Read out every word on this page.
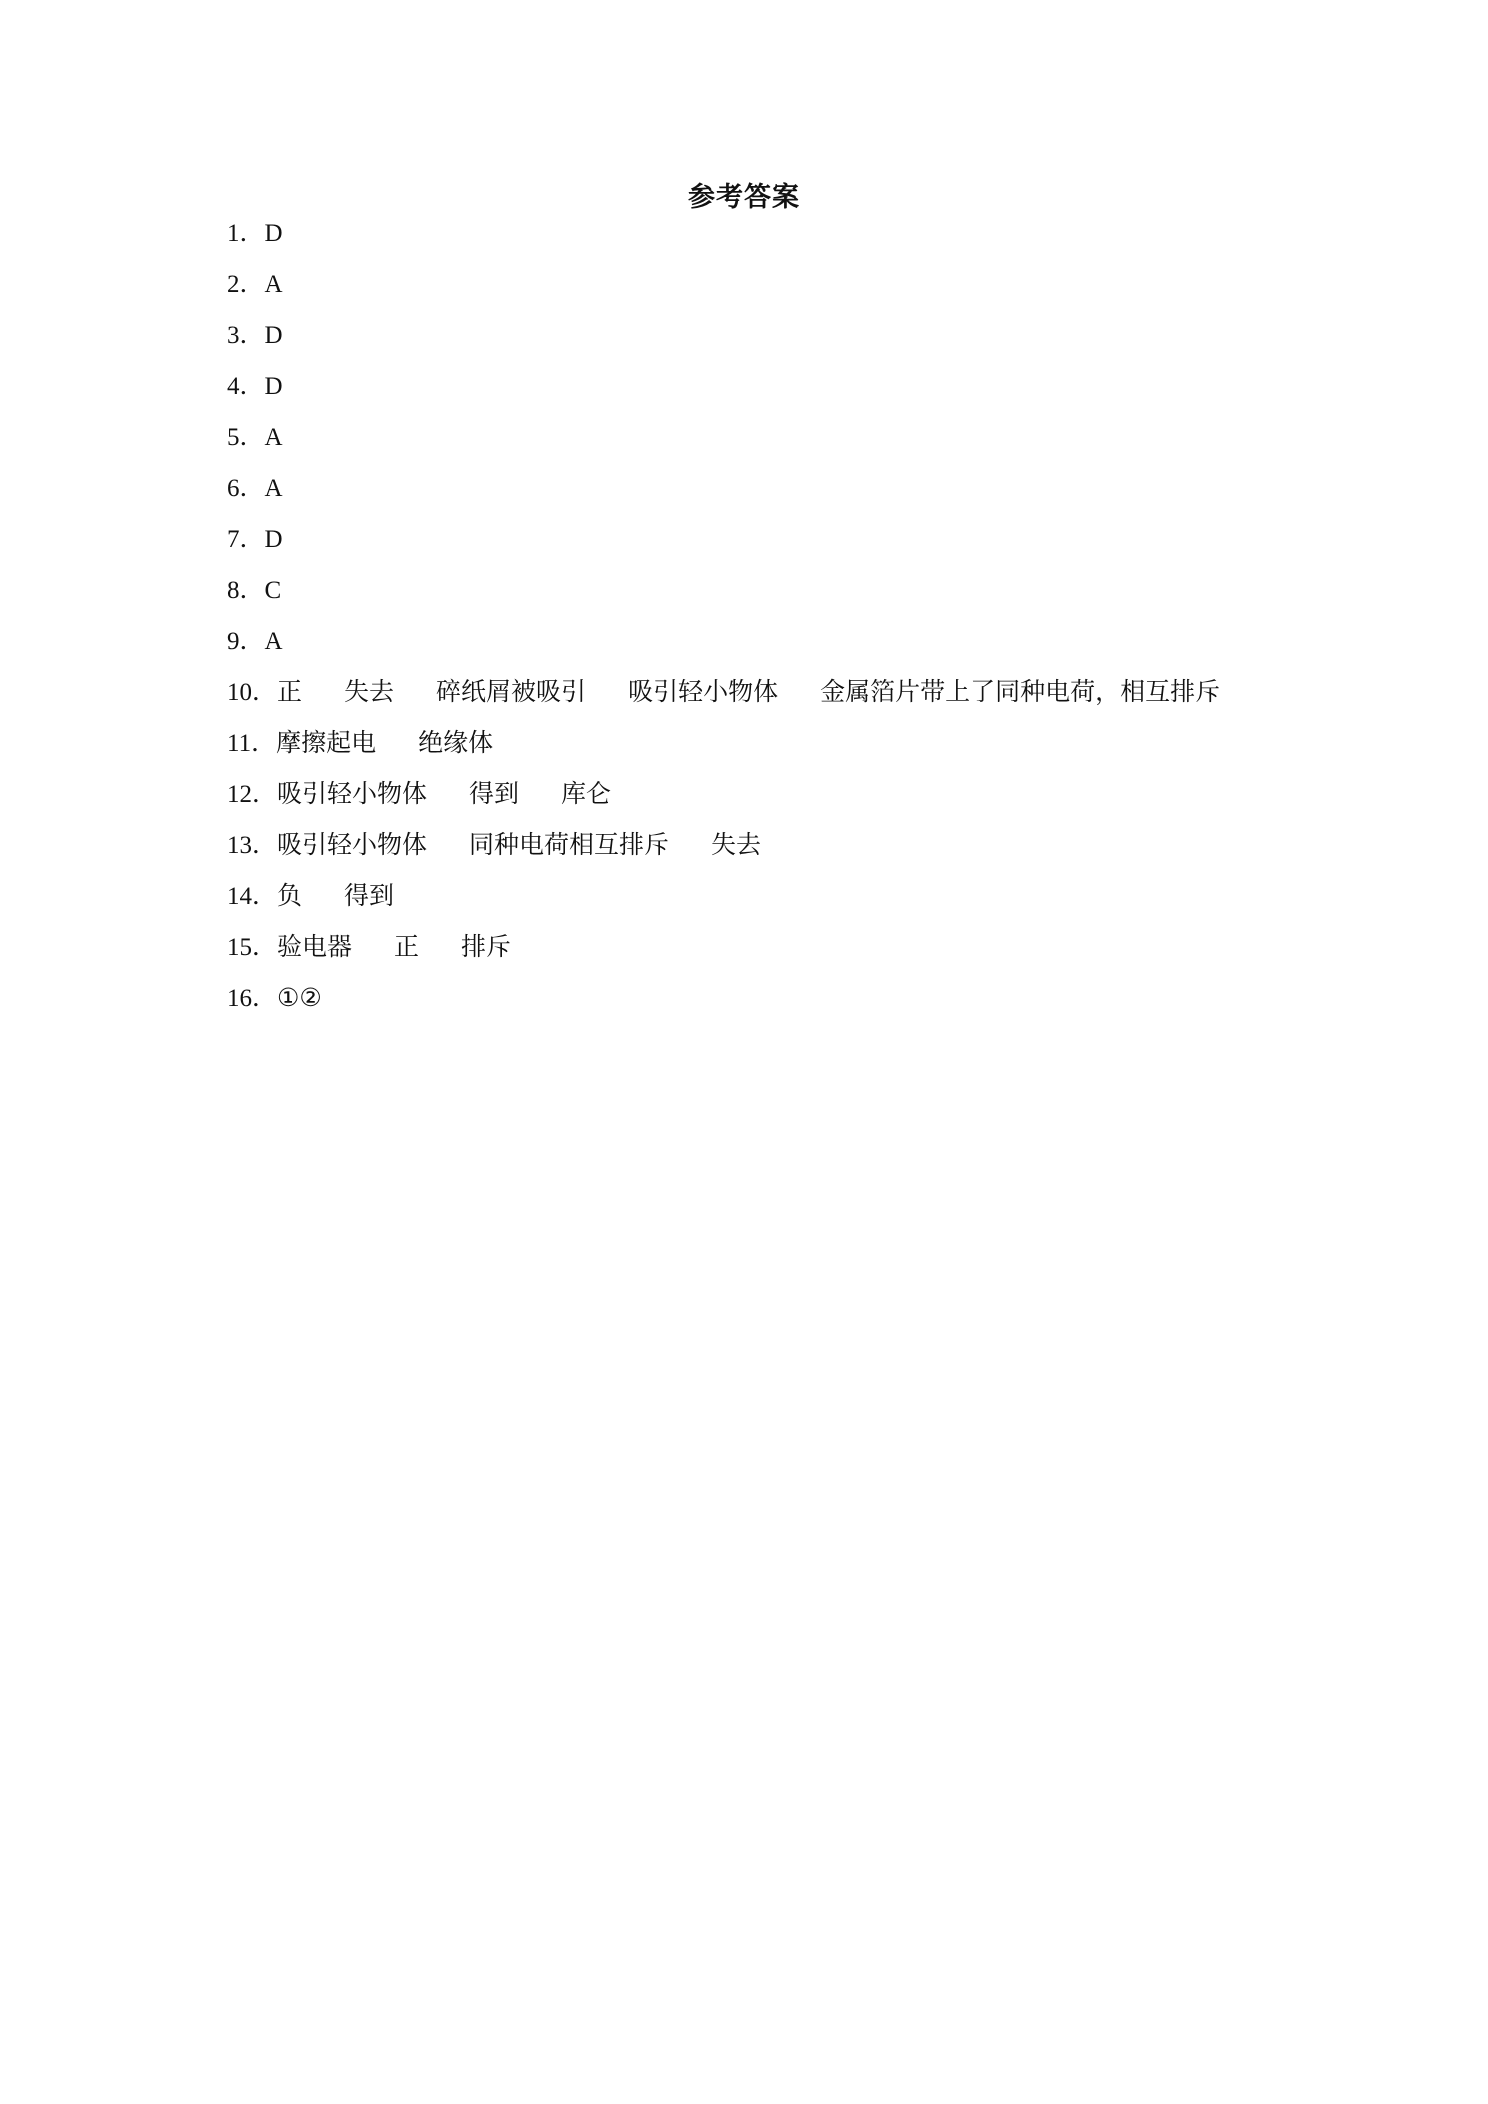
参考答案
1．D
2．A
3．D
4．D
5．A
6．A
7．D
8．C
9．A
10．正 失去 碎纸屑被吸引 吸引轻小物体 金属箔片带上了同种电荷，相互排斥
11．摩擦起电 绝缘体
12．吸引轻小物体 得到 库仑
13．吸引轻小物体 同种电荷相互排斥 失去
14．负 得到
15．验电器 正 排斥
16．①②
